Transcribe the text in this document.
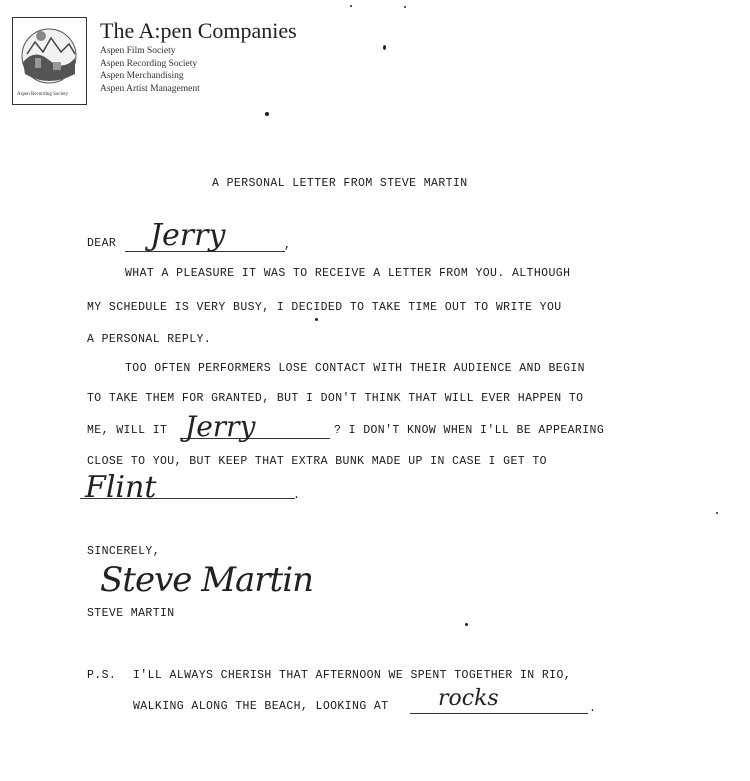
Aspen Recording Society
The A:pen Companies
Aspen Film Society
Aspen Recording Society
Aspen Merchandising
Aspen Artist Management
A PERSONAL LETTER FROM STEVE MARTIN
DEAR Jerry	,
WHAT A PLEASURE IT WAS TO RECEIVE A LETTER FROM YOU. ALTHOUGH
MY SCHEDULE IS VERY BUSY, I DECIDED TO TAKE TIME OUT TO WRITE YOU
A PERSONAL REPLY.
TOO OFTEN PERFORMERS LOSE CONTACT WITH THEIR AUDIENCE AND BEGIN
TO TAKE THEM FOR GRANTED, BUT I DON'T THINK THAT WILL EVER HAPPEN TO
ME, WILL IT Jerry	? I DON'T KNOW WHEN I'LL BE APPEARING
CLOSE TO YOU, BUT KEEP THAT EXTRA BUNK MADE UP IN CASE I GET TO
Flint	.
SINCERELY,
Steve Martin
STEVE MARTIN
P.S. I'LL ALWAYS CHERISH THAT AFTERNOON WE SPENT TOGETHER IN RIO,
WALKING ALONG THE BEACH, LOOKING AT rocks	.
